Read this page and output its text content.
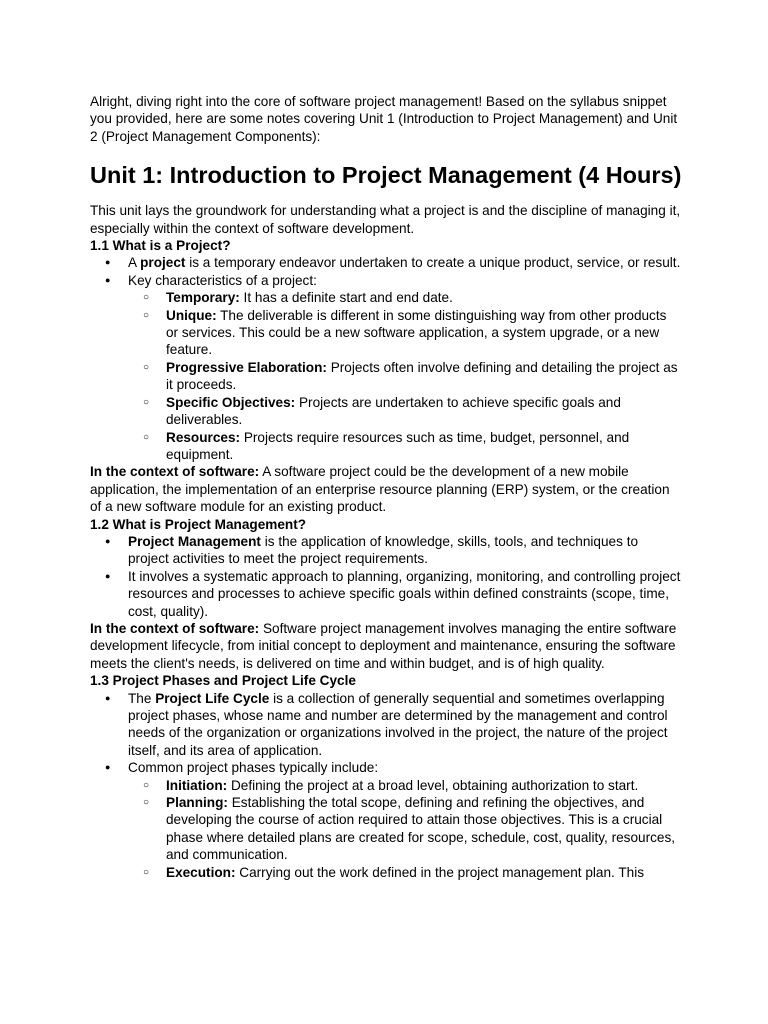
Alright, diving right into the core of software project management! Based on the syllabus snippet you provided, here are some notes covering Unit 1 (Introduction to Project Management) and Unit 2 (Project Management Components):

Unit 1: Introduction to Project Management (4 Hours)

This unit lays the groundwork for understanding what a project is and the discipline of managing it, especially within the context of software development.

1.1 What is a Project?

● A project is a temporary endeavor undertaken to create a unique product, service, or result.
● Key characteristics of a project:
○ Temporary: It has a definite start and end date.
○ Unique: The deliverable is different in some distinguishing way from other products or services. This could be a new software application, a system upgrade, or a new feature.
○ Progressive Elaboration: Projects often involve defining and detailing the project as it proceeds.
○ Specific Objectives: Projects are undertaken to achieve specific goals and deliverables.
○ Resources: Projects require resources such as time, budget, personnel, and equipment.

In the context of software: A software project could be the development of a new mobile application, the implementation of an enterprise resource planning (ERP) system, or the creation of a new software module for an existing product.

1.2 What is Project Management?

● Project Management is the application of knowledge, skills, tools, and techniques to project activities to meet the project requirements.
● It involves a systematic approach to planning, organizing, monitoring, and controlling project resources and processes to achieve specific goals within defined constraints (scope, time, cost, quality).

In the context of software: Software project management involves managing the entire software development lifecycle, from initial concept to deployment and maintenance, ensuring the software meets the client's needs, is delivered on time and within budget, and is of high quality.

1.3 Project Phases and Project Life Cycle

● The Project Life Cycle is a collection of generally sequential and sometimes overlapping project phases, whose name and number are determined by the management and control needs of the organization or organizations involved in the project, the nature of the project itself, and its area of application.
● Common project phases typically include:
○ Initiation: Defining the project at a broad level, obtaining authorization to start.
○ Planning: Establishing the total scope, defining and refining the objectives, and developing the course of action required to attain those objectives. This is a crucial phase where detailed plans are created for scope, schedule, cost, quality, resources, and communication.
○ Execution: Carrying out the work defined in the project management plan. This
